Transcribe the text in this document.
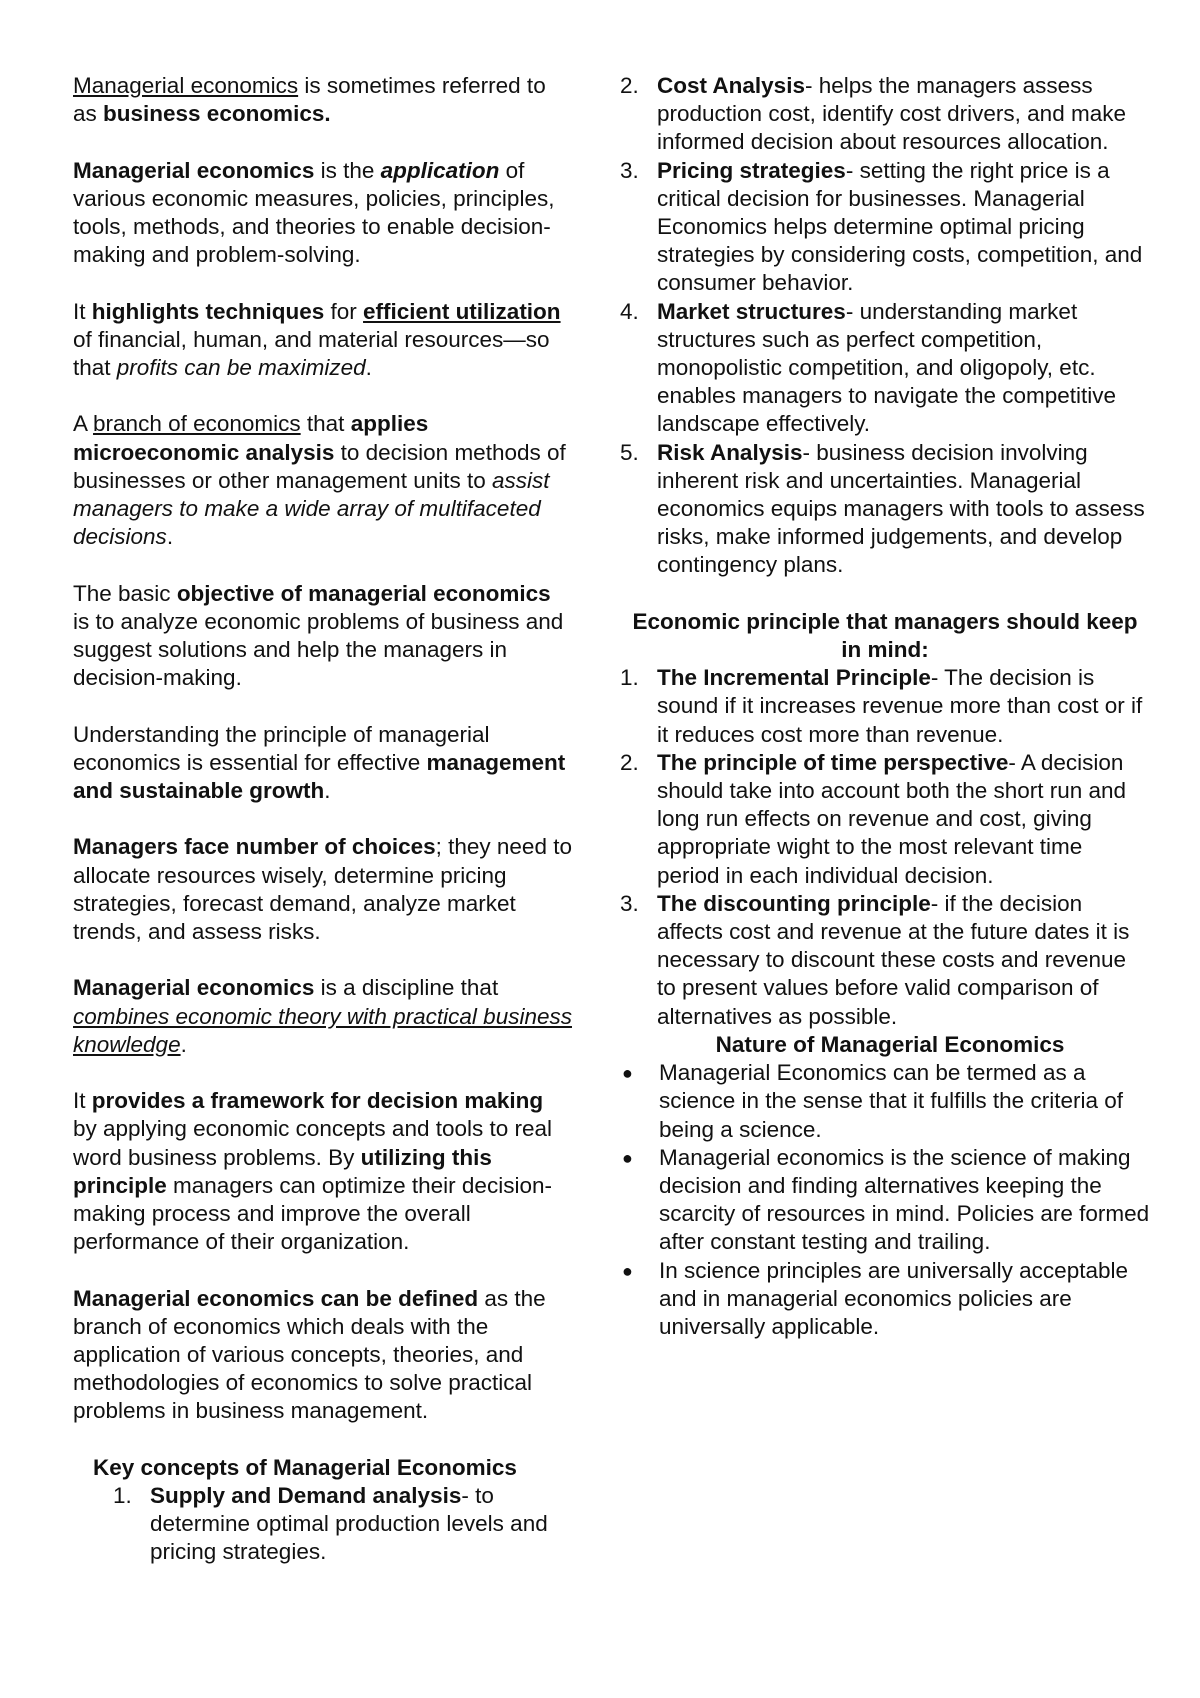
Managerial economics is sometimes referred to as business economics.

Managerial economics is the application of various economic measures, policies, principles, tools, methods, and theories to enable decision-making and problem-solving.

It highlights techniques for efficient utilization of financial, human, and material resources—so that profits can be maximized.

A branch of economics that applies microeconomic analysis to decision methods of businesses or other management units to assist managers to make a wide array of multifaceted decisions.

The basic objective of managerial economics is to analyze economic problems of business and suggest solutions and help the managers in decision-making.

Understanding the principle of managerial economics is essential for effective management and sustainable growth.

Managers face number of choices; they need to allocate resources wisely, determine pricing strategies, forecast demand, analyze market trends, and assess risks.

Managerial economics is a discipline that combines economic theory with practical business knowledge.

It provides a framework for decision making by applying economic concepts and tools to real word business problems. By utilizing this principle managers can optimize their decision-making process and improve the overall performance of their organization.

Managerial economics can be defined as the branch of economics which deals with the application of various concepts, theories, and methodologies of economics to solve practical problems in business management.

Key concepts of Managerial Economics
1. Supply and Demand analysis- to determine optimal production levels and pricing strategies.
2. Cost Analysis- helps the managers assess production cost, identify cost drivers, and make informed decision about resources allocation.
3. Pricing strategies- setting the right price is a critical decision for businesses. Managerial Economics helps determine optimal pricing strategies by considering costs, competition, and consumer behavior.
4. Market structures- understanding market structures such as perfect competition, monopolistic competition, and oligopoly, etc. enables managers to navigate the competitive landscape effectively.
5. Risk Analysis- business decision involving inherent risk and uncertainties. Managerial economics equips managers with tools to assess risks, make informed judgements, and develop contingency plans.
Economic principle that managers should keep in mind:
1. The Incremental Principle- The decision is sound if it increases revenue more than cost or if it reduces cost more than revenue.
2. The principle of time perspective- A decision should take into account both the short run and long run effects on revenue and cost, giving appropriate wight to the most relevant time period in each individual decision.
3. The discounting principle- if the decision affects cost and revenue at the future dates it is necessary to discount these costs and revenue to present values before valid comparison of alternatives as possible.
Nature of Managerial Economics
●	Managerial Economics can be termed as a science in the sense that it fulfills the criteria of being a science.
●	Managerial economics is the science of making decision and finding alternatives keeping the scarcity of resources in mind. Policies are formed after constant testing and trailing.
●	In science principles are universally acceptable and in managerial economics policies are universally applicable.
